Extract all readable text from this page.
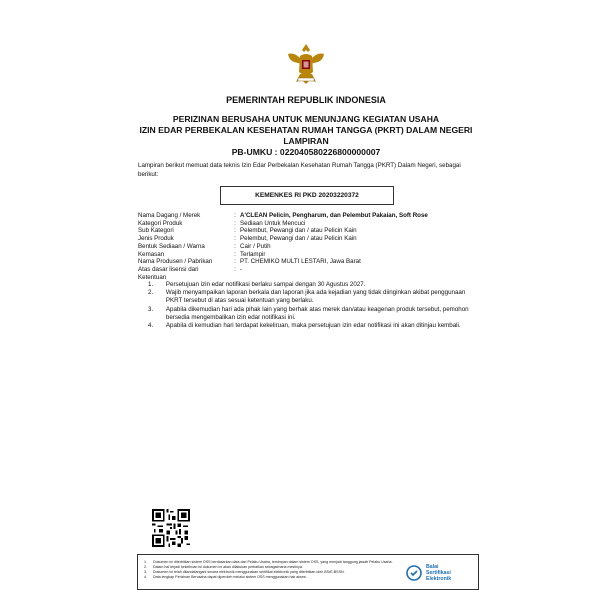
PEMERINTAH REPUBLIK INDONESIA
PERIZINAN BERUSAHA UNTUK MENUNJANG KEGIATAN USAHA
IZIN EDAR PERBEKALAN KESEHATAN RUMAH TANGGA (PKRT) DALAM NEGERI
LAMPIRAN
PB-UMKU : 022040580226800000007
Lampiran berikut memuat data teknis Izin Edar Perbekalan Kesehatan Rumah Tangga (PKRT) Dalam Negeri, sebagai berikut:
KEMENKES RI PKD 20203220372
Nama Dagang / Merek	: A'CLEAN Pelicin, Pengharum, dan Pelembut Pakaian, Soft Rose
Kategori Produk	: Sediaan Untuk Mencuci
Sub Kategori	: Pelembut, Pewangi dan / atau Pelicin Kain
Jenis Produk	: Pelembut, Pewangi dan / atau Pelicin Kain
Bentuk Sediaan / Warna	: Cair / Putih
Kemasan	: Terlampir
Nama Produsen / Pabrikan	: PT. CHEMIKO MULTI LESTARI, Jawa Barat
Atas dasar lisensi dari	: -
Ketentuan
1.	Persetujuan izin edar notifikasi berlaku sampai dengan 30 Agustus 2027.
2.	Wajib menyampaikan laporan berkala dan laporan jika ada kejadian yang tidak diinginkan akibat penggunaan PKRT tersebut di atas sesuai ketentuan yang berlaku.
3.	Apabila dikemudian hari ada pihak lain yang berhak atas merek dan/atau keagenan produk tersebut, pemohon bersedia mengembalikan izin edar notifikasi ini.
4.	Apabila di kemudian hari terdapat kekeliruan, maka persetujuan izin edar notifikasi ini akan ditinjau kembali.
1.	Dokumen ini diterbitkan sistem OSS berdasarkan data dari Pelaku Usaha, tersimpan dalam sistem OSS, yang menjadi tanggung jawab Pelaku Usaha.
2.	Dalam hal terjadi kekeliruan isi dokumen ini akan dilakukan perbaikan sebagaimana mestinya.
3.	Dokumen ini telah ditandatangani secara elektronik menggunakan sertifikat elektronik yang diterbitkan oleh BSrE-BSSN.
4.	Data lengkap Perizinan Berusaha dapat diperoleh melalui sistem OSS menggunakan hak akses.
Balai
Sertifikasi
Elektronik
